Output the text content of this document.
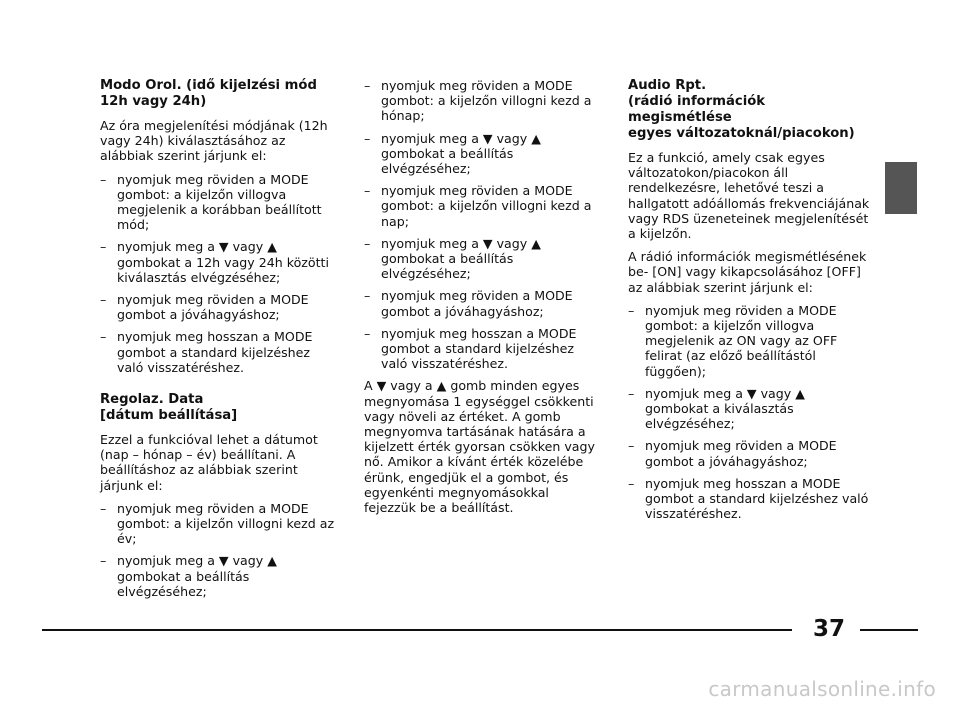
Modo Orol. (idő kijelzési mód
12h vagy 24h)
Az óra megjelenítési módjának (12h vagy 24h) kiválasztásához az alábbiak szerint járjunk el:
– nyomjuk meg röviden a MODE gombot: a kijelzőn villogva megjelenik a korábban beállított mód;
– nyomjuk meg a ▼ vagy ▲ gombokat a 12h vagy 24h közötti kiválasztás elvégzéséhez;
– nyomjuk meg röviden a MODE gombot a jóváhagyáshoz;
– nyomjuk meg hosszan a MODE gombot a standard kijelzéshez való visszatéréshez.
Regolaz. Data
[dátum beállítása]
Ezzel a funkcióval lehet a dátumot (nap – hónap – év) beállítani. A beállításhoz az alábbiak szerint járjunk el:
– nyomjuk meg röviden a MODE gombot: a kijelzőn villogni kezd az év;
– nyomjuk meg a ▼ vagy ▲ gombokat a beállítás elvégzéséhez;
– nyomjuk meg röviden a MODE gombot: a kijelzőn villogni kezd a hónap;
– nyomjuk meg a ▼ vagy ▲ gombokat a beállítás elvégzéséhez;
– nyomjuk meg röviden a MODE gombot: a kijelzőn villogni kezd a nap;
– nyomjuk meg a ▼ vagy ▲ gombokat a beállítás elvégzéséhez;
– nyomjuk meg röviden a MODE gombot a jóváhagyáshoz;
– nyomjuk meg hosszan a MODE gombot a standard kijelzéshez való visszatéréshez.
A ▼ vagy a ▲ gomb minden egyes megnyomása 1 egységgel csökkenti vagy növeli az értéket. A gomb megnyomva tartásának hatására a kijelzett érték gyorsan csökken vagy nő. Amikor a kívánt érték közelébe érünk, engedjük el a gombot, és egyenkénti megnyomásokkal fejezzük be a beállítást.
Audio Rpt.
(rádió információk
megismétlése
egyes változatoknál/piacokon)
Ez a funkció, amely csak egyes változatokon/piacokon áll rendelkezésre, lehetővé teszi a hallgatott adóállomás frekvenciájának vagy RDS üzeneteinek megjelenítését a kijelzőn.
A rádió információk megismétlésének be- [ON] vagy kikapcsolásához [OFF] az alábbiak szerint járjunk el:
– nyomjuk meg röviden a MODE gombot: a kijelzőn villogva megjelenik az ON vagy az OFF felirat (az előző beállítástól függően);
– nyomjuk meg a ▼ vagy ▲ gombokat a kiválasztás elvégzéséhez;
– nyomjuk meg röviden a MODE gombot a jóváhagyáshoz;
– nyomjuk meg hosszan a MODE gombot a standard kijelzéshez való visszatéréshez.
37
carmanualsonline.info
